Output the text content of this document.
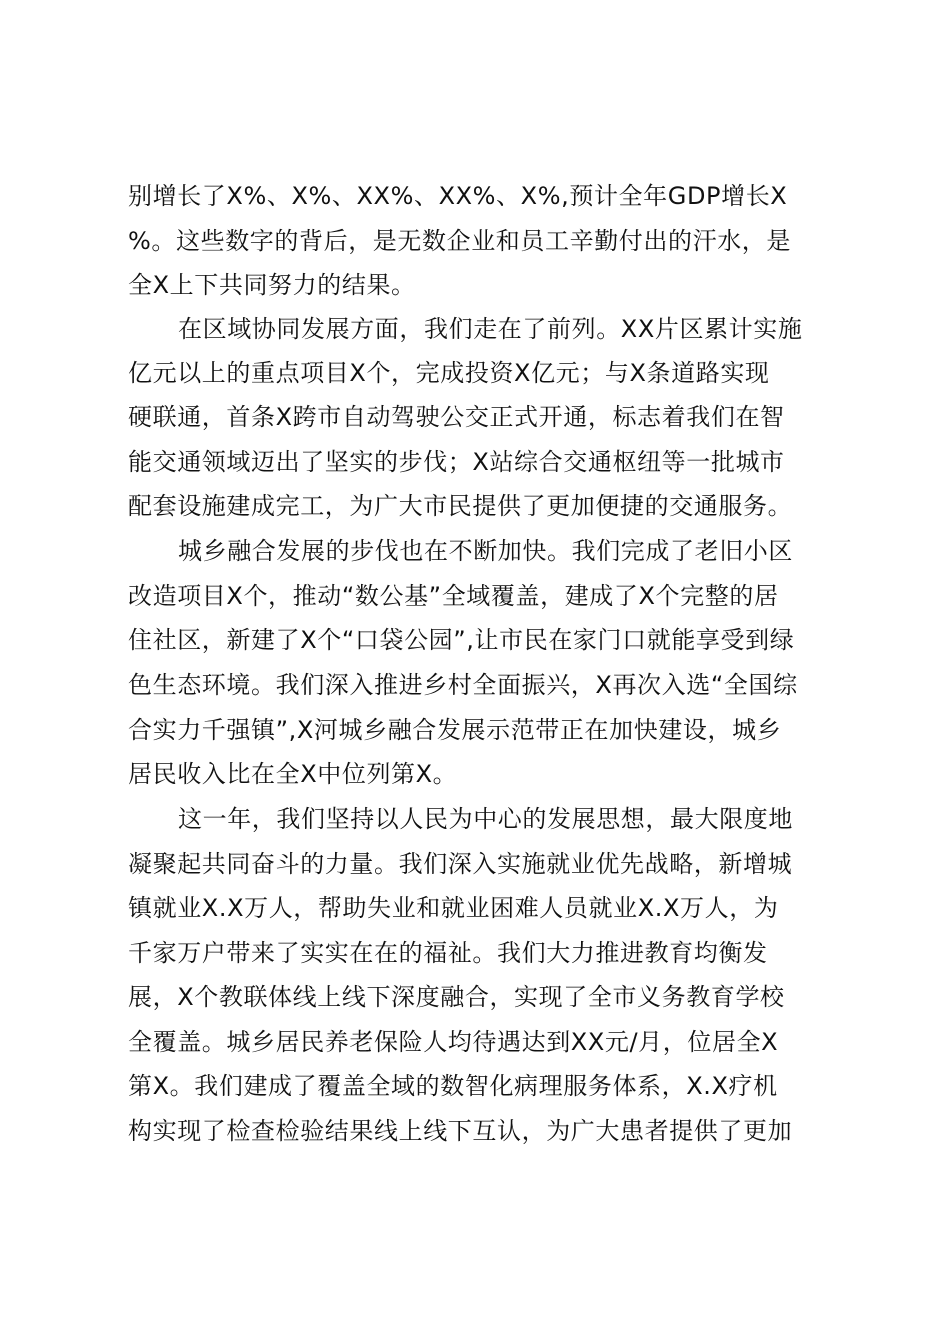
别增长了X%、X%、XX%、XX%、X%,预计全年GDP增长X
%。这些数字的背后，是无数企业和员工辛勤付出的汗水，是
全X上下共同努力的结果。
在区域协同发展方面，我们走在了前列。XX片区累计实施
亿元以上的重点项目X个，完成投资X亿元；与X条道路实现
硬联通，首条X跨市自动驾驶公交正式开通，标志着我们在智
能交通领域迈出了坚实的步伐；X站综合交通枢纽等一批城市
配套设施建成完工，为广大市民提供了更加便捷的交通服务。
城乡融合发展的步伐也在不断加快。我们完成了老旧小区
改造项目X个，推动“数公基”全域覆盖，建成了X个完整的居
住社区，新建了X个“口袋公园”,让市民在家门口就能享受到绿
色生态环境。我们深入推进乡村全面振兴，X再次入选“全国综
合实力千强镇”,X河城乡融合发展示范带正在加快建设，城乡
居民收入比在全X中位列第X。
这一年，我们坚持以人民为中心的发展思想，最大限度地
凝聚起共同奋斗的力量。我们深入实施就业优先战略，新增城
镇就业X.X万人，帮助失业和就业困难人员就业X.X万人，为
千家万户带来了实实在在的福祉。我们大力推进教育均衡发
展，X个教联体线上线下深度融合，实现了全市义务教育学校
全覆盖。城乡居民养老保险人均待遇达到XX元/月，位居全X
第X。我们建成了覆盖全域的数智化病理服务体系，X.X疗机
构实现了检查检验结果线上线下互认，为广大患者提供了更加
